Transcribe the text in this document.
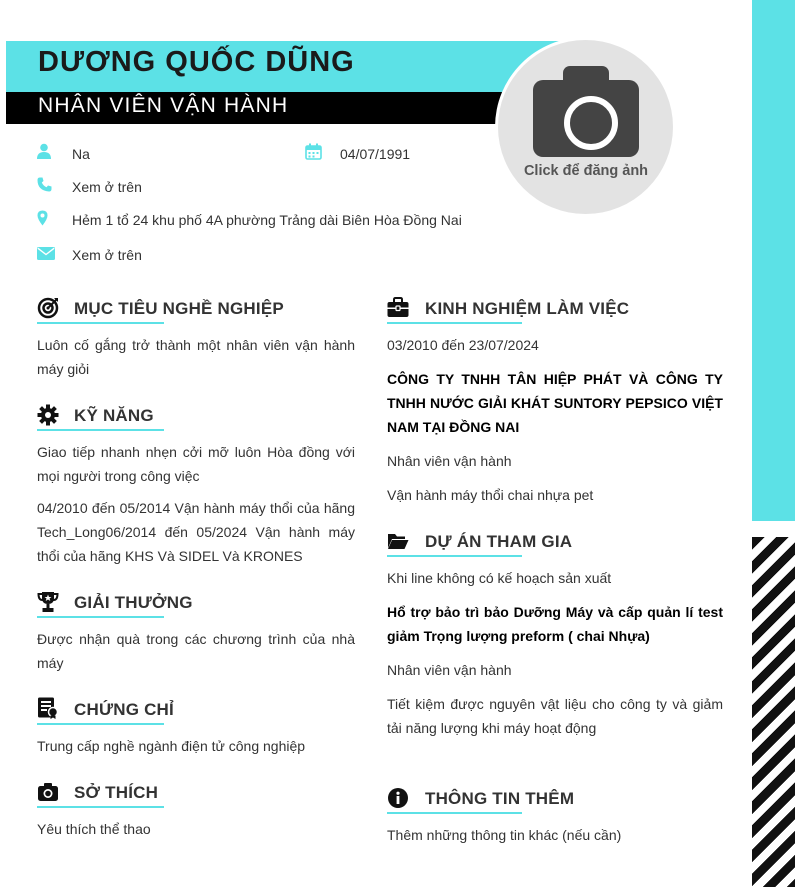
DƯƠNG QUỐC DŨNG
NHÂN VIÊN VẬN HÀNH
Click để đăng ảnh
Na	04/07/1991
Xem ở trên
Hẻm 1 tổ 24 khu phố 4A phường Trảng dài Biên Hòa Đồng Nai
Xem ở trên
MỤC TIÊU NGHỀ NGHIỆP
Luôn cố gắng trở thành một nhân viên vận hành máy giỏi
KỸ NĂNG
Giao tiếp nhanh nhẹn cởi mỡ luôn Hòa đồng với mọi người trong công việc
04/2010 đến 05/2014 Vận hành máy thổi của hãng Tech_Long06/2014 đến 05/2024 Vận hành máy thổi của hãng KHS Và SIDEL Và KRONES
GIẢI THƯỞNG
Được nhận quà trong các chương trình của nhà máy
CHỨNG CHỈ
Trung cấp nghề ngành điện tử công nghiệp
SỞ THÍCH
Yêu thích thể thao
KINH NGHIỆM LÀM VIỆC
03/2010 đến 23/07/2024
CÔNG TY TNHH TÂN HIỆP PHÁT VÀ CÔNG TY TNHH NƯỚC GIẢI KHÁT SUNTORY PEPSICO VIỆT NAM TẠI ĐỒNG NAI
Nhân viên vận hành
Vận hành máy thổi chai nhựa pet
DỰ ÁN THAM GIA
Khi line không có kế hoạch sản xuất
Hổ trợ bảo trì bảo Dưỡng Máy và cấp quản lí test giảm Trọng lượng preform ( chai Nhựa)
Nhân viên vận hành
Tiết kiệm được nguyên vật liệu cho công ty và giảm tải năng lượng khi máy hoạt động
THÔNG TIN THÊM
Thêm những thông tin khác (nếu cần)
